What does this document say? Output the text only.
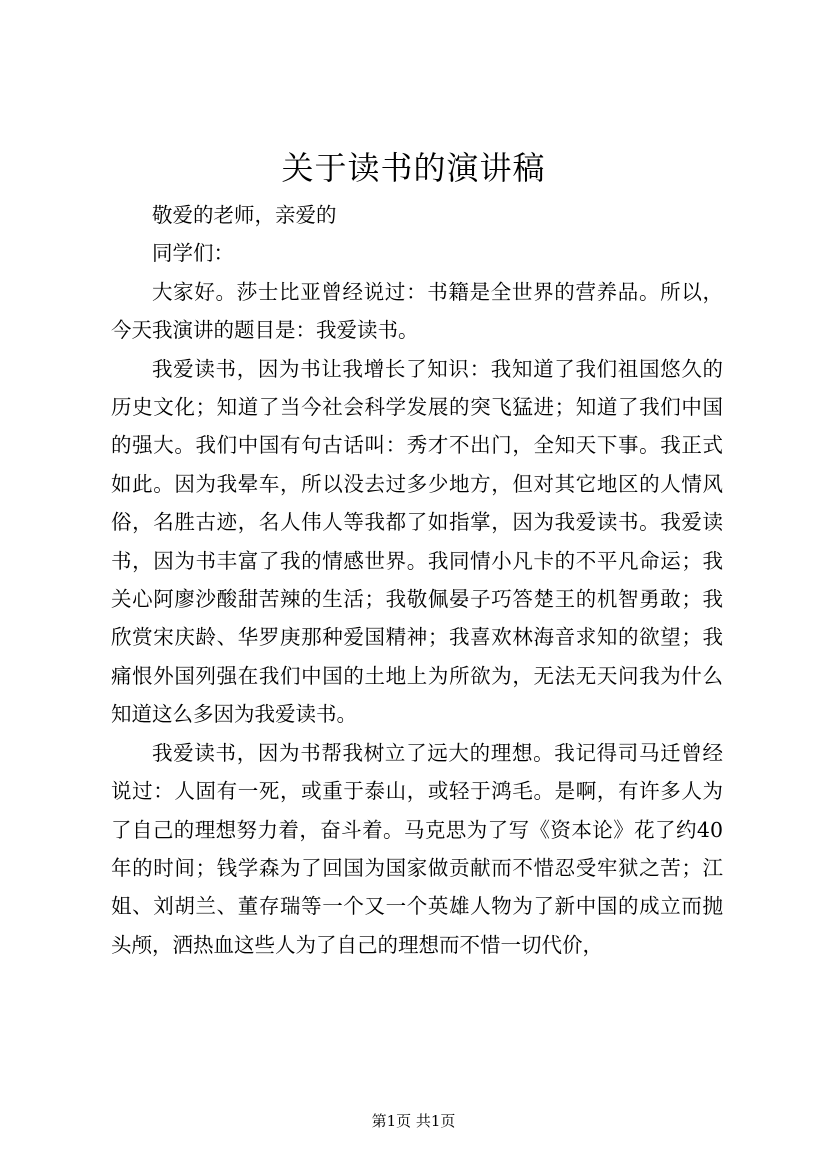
关于读书的演讲稿

敬爱的老师，亲爱的

同学们：

大家好。莎士比亚曾经说过：书籍是全世界的营养品。所以，今天我演讲的题目是：我爱读书。

我爱读书，因为书让我增长了知识：我知道了我们祖国悠久的历史文化；知道了当今社会科学发展的突飞猛进；知道了我们中国的强大。我们中国有句古话叫：秀才不出门，全知天下事。我正式如此。因为我晕车，所以没去过多少地方，但对其它地区的人情风俗，名胜古迹，名人伟人等我都了如指掌，因为我爱读书。我爱读书，因为书丰富了我的情感世界。我同情小凡卡的不平凡命运；我关心阿廖沙酸甜苦辣的生活；我敬佩晏子巧答楚王的机智勇敢；我欣赏宋庆龄、华罗庚那种爱国精神；我喜欢林海音求知的欲望；我痛恨外国列强在我们中国的土地上为所欲为，无法无天问我为什么知道这么多因为我爱读书。

我爱读书，因为书帮我树立了远大的理想。我记得司马迁曾经说过：人固有一死，或重于泰山，或轻于鸿毛。是啊，有许多人为了自己的理想努力着，奋斗着。马克思为了写《资本论》花了约40年的时间；钱学森为了回国为国家做贡献而不惜忍受牢狱之苦；江姐、刘胡兰、董存瑞等一个又一个英雄人物为了新中国的成立而抛头颅，洒热血这些人为了自己的理想而不惜一切代价，

第1页 共1页
